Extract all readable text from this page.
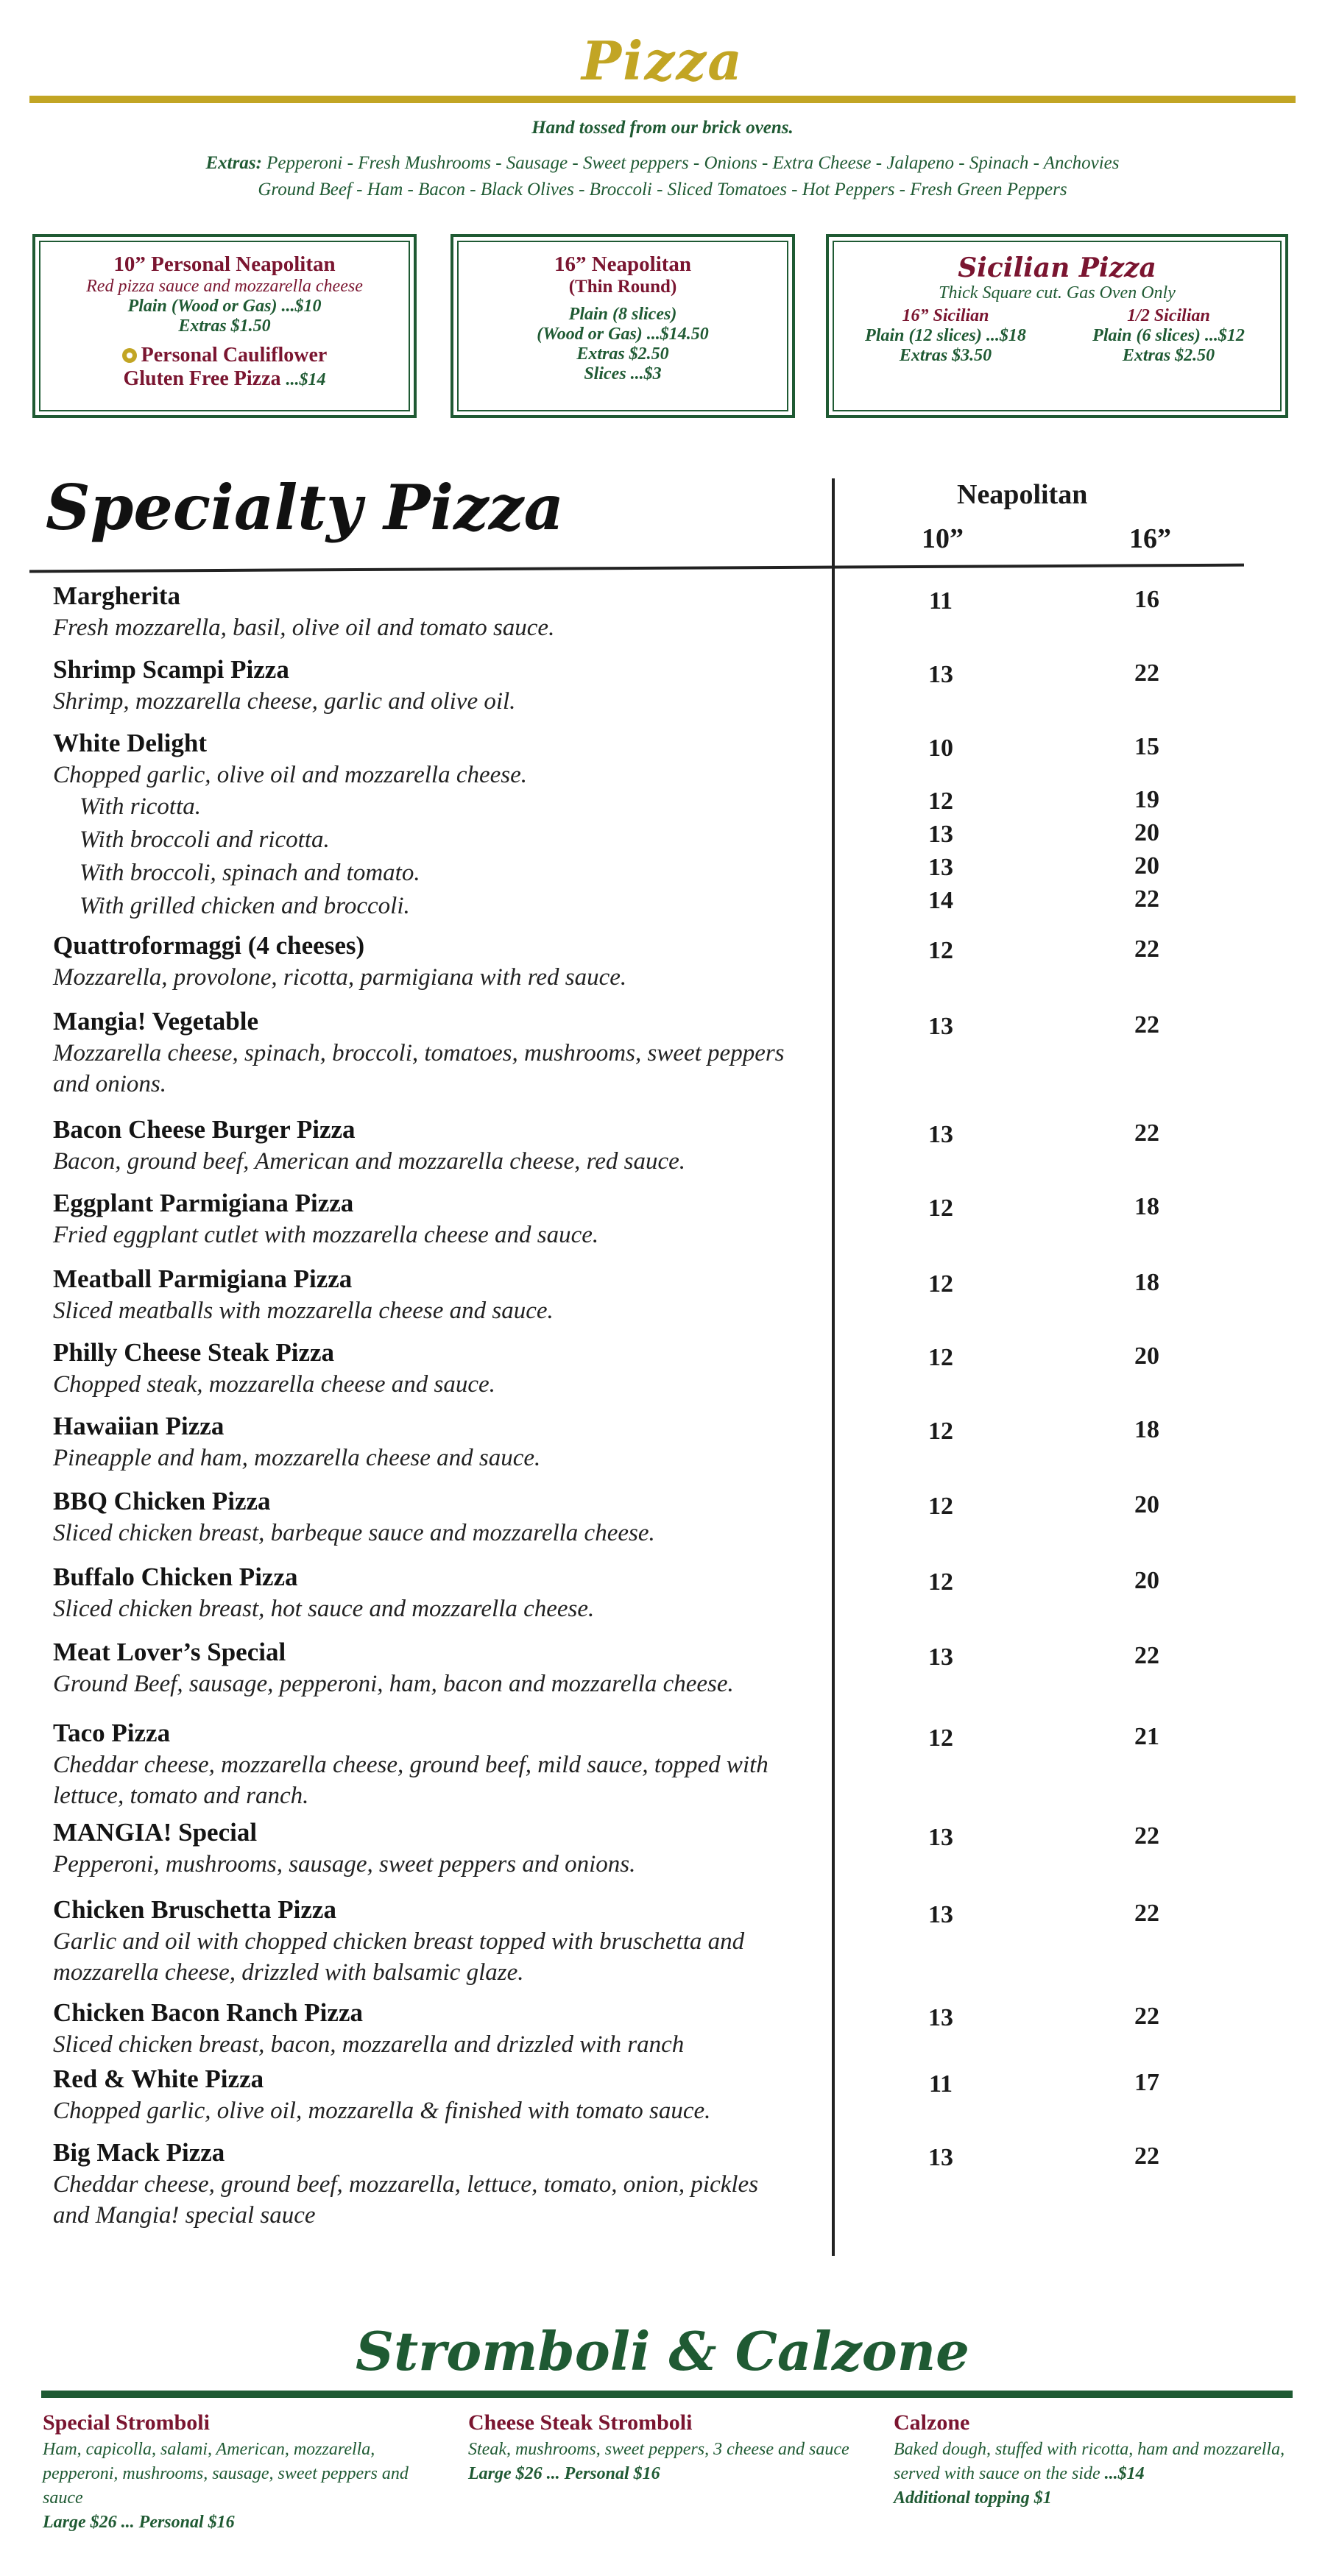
Pizza
Hand tossed from our brick ovens.
Extras: Pepperoni - Fresh Mushrooms - Sausage - Sweet peppers - Onions - Extra Cheese - Jalapeno - Spinach - Anchovies
Ground Beef - Ham - Bacon - Black Olives - Broccoli - Sliced Tomatoes - Hot Peppers - Fresh Green Peppers
10” Personal Neapolitan
Red pizza sauce and mozzarella cheese
Plain (Wood or Gas) ...$10
Extras $1.50
Personal Cauliflower
Gluten Free Pizza ...$14
16” Neapolitan
(Thin Round)
Plain (8 slices)
(Wood or Gas) ...$14.50
Extras $2.50
Slices ...$3
Sicilian Pizza
Thick Square cut. Gas Oven Only
16” Sicilian
Plain (12 slices) ...$18
Extras $3.50
1/2 Sicilian
Plain (6 slices) ...$12
Extras $2.50
Specialty Pizza	Neapolitan
10”	16”
Margherita
Fresh mozzarella, basil, olive oil and tomato sauce.
11	16
Shrimp Scampi Pizza
Shrimp, mozzarella cheese, garlic and olive oil.
13	22
White Delight
Chopped garlic, olive oil and mozzarella cheese.
10	15
With ricotta.	12	19
With broccoli and ricotta.	13	20
With broccoli, spinach and tomato.	13	20
With grilled chicken and broccoli.	14	22
Quattroformaggi (4 cheeses)
Mozzarella, provolone, ricotta, parmigiana with red sauce.
12	22
Mangia! Vegetable
Mozzarella cheese, spinach, broccoli, tomatoes, mushrooms, sweet peppers and onions.
13	22
Bacon Cheese Burger Pizza
Bacon, ground beef, American and mozzarella cheese, red sauce.
13	22
Eggplant Parmigiana Pizza
Fried eggplant cutlet with mozzarella cheese and sauce.
12	18
Meatball Parmigiana Pizza
Sliced meatballs with mozzarella cheese and sauce.
12	18
Philly Cheese Steak Pizza
Chopped steak, mozzarella cheese and sauce.
12	20
Hawaiian Pizza
Pineapple and ham, mozzarella cheese and sauce.
12	18
BBQ Chicken Pizza
Sliced chicken breast, barbeque sauce and mozzarella cheese.
12	20
Buffalo Chicken Pizza
Sliced chicken breast, hot sauce and mozzarella cheese.
12	20
Meat Lover’s Special
Ground Beef, sausage, pepperoni, ham, bacon and mozzarella cheese.
13	22
Taco Pizza
Cheddar cheese, mozzarella cheese, ground beef, mild sauce, topped with lettuce, tomato and ranch.
12	21
MANGIA! Special
Pepperoni, mushrooms, sausage, sweet peppers and onions.
13	22
Chicken Bruschetta Pizza
Garlic and oil with chopped chicken breast topped with bruschetta and mozzarella cheese, drizzled with balsamic glaze.
13	22
Chicken Bacon Ranch Pizza
Sliced chicken breast, bacon, mozzarella and drizzled with ranch
13	22
Red & White Pizza
Chopped garlic, olive oil, mozzarella & finished with tomato sauce.
11	17
Big Mack Pizza
Cheddar cheese, ground beef, mozzarella, lettuce, tomato, onion, pickles and Mangia! special sauce
13	22
Stromboli & Calzone
Special Stromboli
Ham, capicolla, salami, American, mozzarella, pepperoni, mushrooms, sausage, sweet peppers and sauce
Large $26 ... Personal $16
Cheese Steak Stromboli
Steak, mushrooms, sweet peppers, 3 cheese and sauce
Large $26 ... Personal $16
Calzone
Baked dough, stuffed with ricotta, ham and mozzarella, served with sauce on the side ...$14
Additional topping $1
